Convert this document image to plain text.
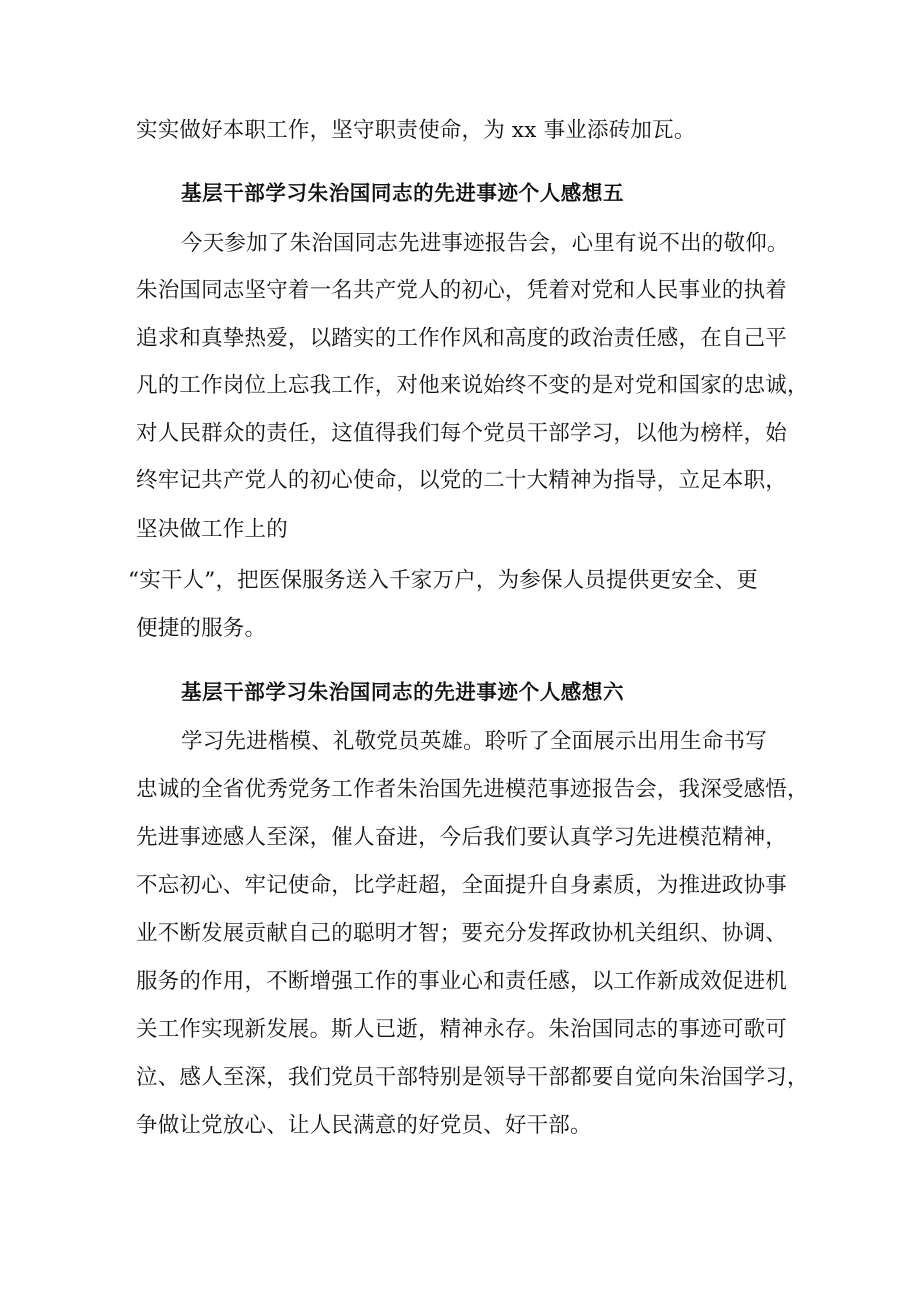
实实做好本职工作，坚守职责使命，为 xx 事业添砖加瓦。
基层干部学习朱治国同志的先进事迹个人感想五
今天参加了朱治国同志先进事迹报告会，心里有说不出的敬仰。
朱治国同志坚守着一名共产党人的初心，凭着对党和人民事业的执着
追求和真挚热爱，以踏实的工作作风和高度的政治责任感，在自己平
凡的工作岗位上忘我工作，对他来说始终不变的是对党和国家的忠诚，
对人民群众的责任，这值得我们每个党员干部学习，以他为榜样，始
终牢记共产党人的初心使命，以党的二十大精神为指导，立足本职，
坚决做工作上的
“实干人”，把医保服务送入千家万户，为参保人员提供更安全、更
便捷的服务。
基层干部学习朱治国同志的先进事迹个人感想六
学习先进楷模、礼敬党员英雄。聆听了全面展示出用生命书写
忠诚的全省优秀党务工作者朱治国先进模范事迹报告会，我深受感悟，
先进事迹感人至深，催人奋进，今后我们要认真学习先进模范精神，
不忘初心、牢记使命，比学赶超，全面提升自身素质，为推进政协事
业不断发展贡献自己的聪明才智；要充分发挥政协机关组织、协调、
服务的作用，不断增强工作的事业心和责任感，以工作新成效促进机
关工作实现新发展。斯人已逝，精神永存。朱治国同志的事迹可歌可
泣、感人至深，我们党员干部特别是领导干部都要自觉向朱治国学习，
争做让党放心、让人民满意的好党员、好干部。
